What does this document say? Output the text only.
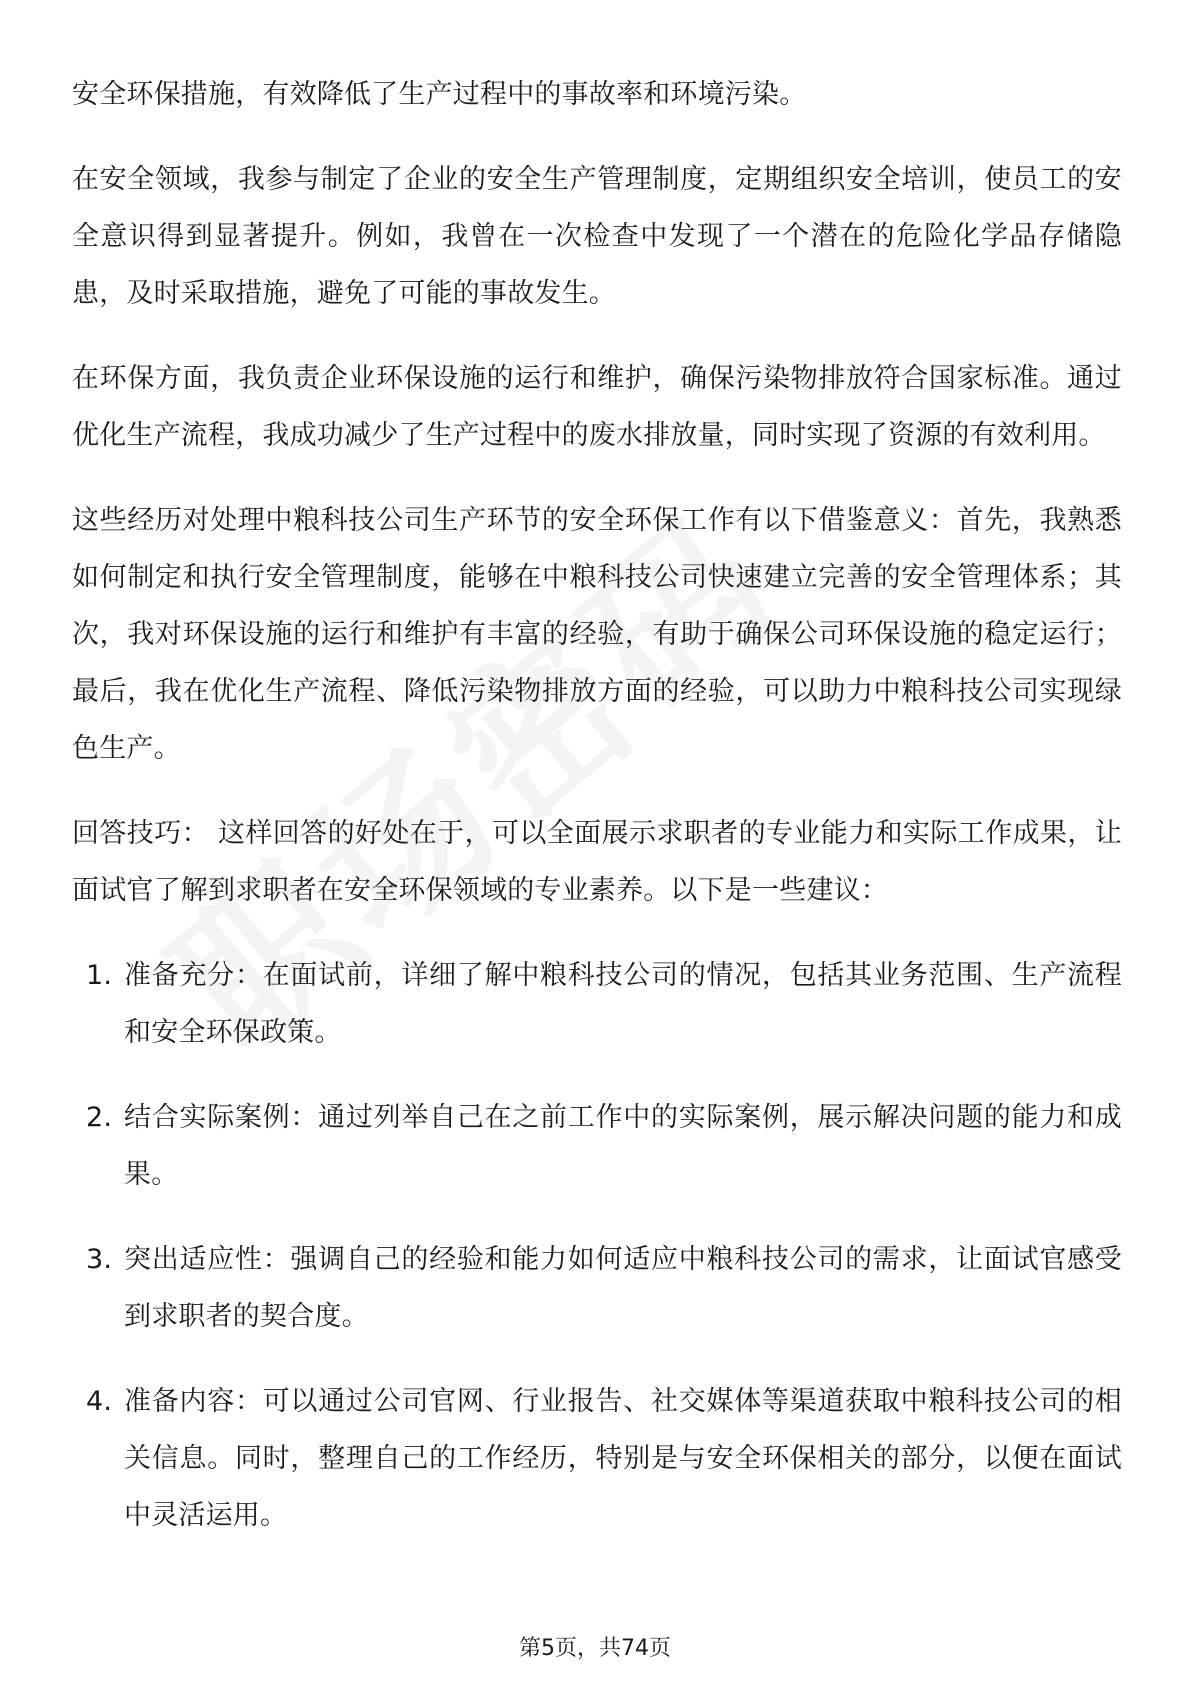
安全环保措施，有效降低了生产过程中的事故率和环境污染。

在安全领域，我参与制定了企业的安全生产管理制度，定期组织安全培训，使员工的安全意识得到显著提升。例如，我曾在一次检查中发现了一个潜在的危险化学品存储隐患，及时采取措施，避免了可能的事故发生。

在环保方面，我负责企业环保设施的运行和维护，确保污染物排放符合国家标准。通过优化生产流程，我成功减少了生产过程中的废水排放量，同时实现了资源的有效利用。

这些经历对处理中粮科技公司生产环节的安全环保工作有以下借鉴意义：首先，我熟悉如何制定和执行安全管理制度，能够在中粮科技公司快速建立完善的安全管理体系；其次，我对环保设施的运行和维护有丰富的经验，有助于确保公司环保设施的稳定运行；最后，我在优化生产流程、降低污染物排放方面的经验，可以助力中粮科技公司实现绿色生产。

回答技巧： 这样回答的好处在于，可以全面展示求职者的专业能力和实际工作成果，让面试官了解到求职者在安全环保领域的专业素养。以下是一些建议：

1. 准备充分：在面试前，详细了解中粮科技公司的情况，包括其业务范围、生产流程和安全环保政策。
2. 结合实际案例：通过列举自己在之前工作中的实际案例，展示解决问题的能力和成果。
3. 突出适应性：强调自己的经验和能力如何适应中粮科技公司的需求，让面试官感受到求职者的契合度。
4. 准备内容：可以通过公司官网、行业报告、社交媒体等渠道获取中粮科技公司的相关信息。同时，整理自己的工作经历，特别是与安全环保相关的部分，以便在面试中灵活运用。
第5页，共74页
